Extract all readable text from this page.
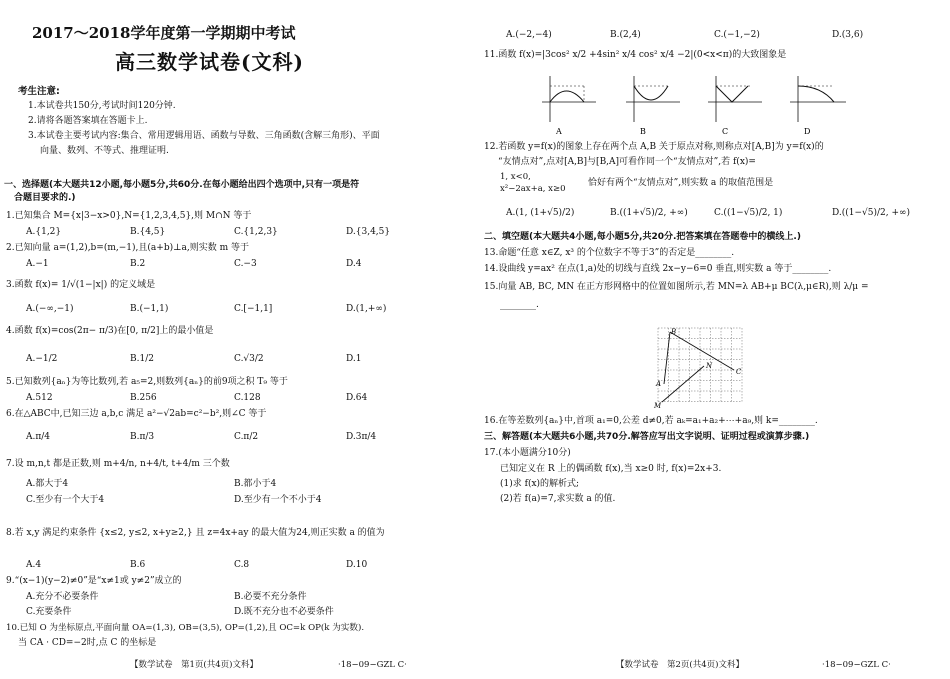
2017～2018学年度第一学期期中考试
高三数学试卷(文科)
考生注意:
1.本试卷共150分,考试时间120分钟.
2.请将各题答案填在答题卡上.
3.本试卷主要考试内容:集合、常用逻辑用语、函数与导数、三角函数(含解三角形)、平面
向量、数列、不等式、推理证明.
一、选择题(本大题共12小题,每小题5分,共60分.在每小题给出四个选项中,只有一项是符
合题目要求的.)
1.已知集合 M={x|3−x>0},N={1,2,3,4,5},则 M∩N 等于
A.{1,2}	B.{4,5}	C.{1,2,3}	D.{3,4,5}
2.已知向量 a=(1,2),b=(m,−1),且(a+b)⊥a,则实数 m 等于
A.−1	B.2	C.−3	D.4
3.函数 f(x)= 1/√(1−|x|) 的定义域是
A.(−∞,−1)	B.(−1,1)	C.[−1,1]	D.(1,+∞)
4.函数 f(x)=cos(2π− π/3)在[0, π/2]上的最小值是
A.−1/2	B.1/2	C.√3/2	D.1
5.已知数列{aₙ}为等比数列,若 a₅=2,则数列{aₙ}的前9项之积 T₉ 等于
A.512	B.256	C.128	D.64
6.在△ABC中,已知三边 a,b,c 满足 a²−√2ab=c²−b²,则∠C 等于
A.π/4	B.π/3	C.π/2	D.3π/4
7.设 m,n,t 都是正数,则 m+4/n, n+4/t, t+4/m 三个数
A.都大于4	B.都小于4
C.至少有一个大于4	D.至少有一个不小于4
8.若 x,y 满足约束条件 {x≤2, y≤2, x+y≥2,} 且 z=4x+ay 的最大值为24,则正实数 a 的值为
A.4	B.6	C.8	D.10
9.“(x−1)(y−2)≠0”是“x≠1或 y≠2”成立的
A.充分不必要条件	B.必要不充分条件
C.充要条件	D.既不充分也不必要条件
10.已知 O 为坐标原点,平面向量 OA=(1,3), OB=(3,5), OP=(1,2),且 OC=k OP(k 为实数).
当 CA · CD=−2时,点 C 的坐标是
【数学试卷　第1页(共4页)文科】	·18−09−GZL C·
A.(−2,−4)	B.(2,4)	C.(−1,−2)	D.(3,6)
11.函数 f(x)=|3cos² x/2 +4sin² x/4 cos² x/4 −2|(0<x<π)的大致图象是
A	B	C	D
12.若函数 y=f(x)的图象上存在两个点 A,B 关于原点对称,则称点对[A,B]为 y=f(x)的
“友情点对”,点对[A,B]与[B,A]可看作同一个“友情点对”,若 f(x)=
1, x<0,
x²−2ax+a, x≥0
恰好有两个“友情点对”,则实数 a 的取值范围是
A.(1, (1+√5)/2)	B.((1+√5)/2, +∞)	C.((1−√5)/2, 1)	D.((1−√5)/2, +∞)
二、填空题(本大题共4小题,每小题5分,共20分.把答案填在答题卷中的横线上.)
13.命题“任意 x∈Z, x³ 的个位数字不等于3”的否定是________.
14.设曲线 y=ax² 在点(1,a)处的切线与直线 2x−y−6=0 垂直,则实数 a 等于________.
15.向量 AB, BC, MN 在正方形网格中的位置如图所示,若 MN=λ AB+μ BC(λ,μ∈R),则 λ/μ =
________.
B
A
N
C
M
16.在等差数列{aₙ}中,首项 a₁=0,公差 d≠0,若 aₖ=a₁+a₂+⋯+a₉,则 k=________.
三、解答题(本大题共6小题,共70分.解答应写出文字说明、证明过程或演算步骤.)
17.(本小题满分10分)
已知定义在 R 上的偶函数 f(x),当 x≥0 时, f(x)=2x+3.
(1)求 f(x)的解析式;
(2)若 f(a)=7,求实数 a 的值.
【数学试卷　第2页(共4页)文科】	·18−09−GZL C·
